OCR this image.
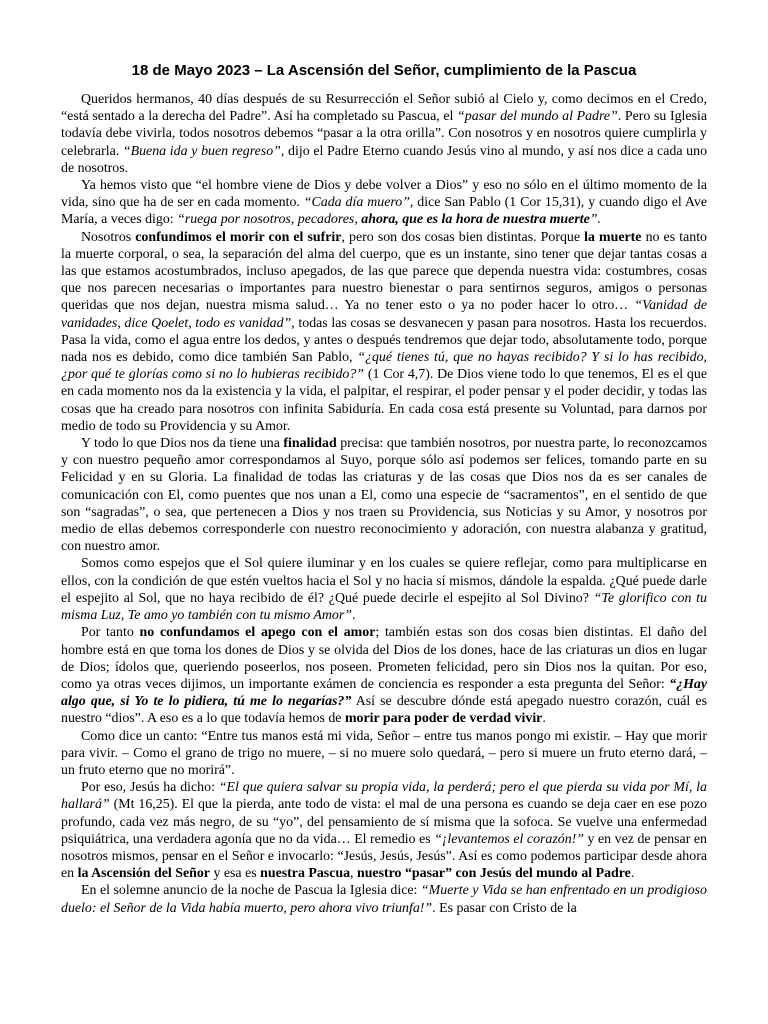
18 de Mayo 2023 – La Ascensión del Señor, cumplimiento de la Pascua

Queridos hermanos, 40 días después de su Resurrección el Señor subió al Cielo y, como decimos en el Credo, “está sentado a la derecha del Padre”. Así ha completado su Pascua, el “pasar del mundo al Padre”. Pero su Iglesia todavía debe vivirla, todos nosotros debemos “pasar a la otra orilla”. Con nosotros y en nosotros quiere cumplirla y celebrarla. “Buena ida y buen regreso”, dijo el Padre Eterno cuando Jesús vino al mundo, y así nos dice a cada uno de nosotros.

Ya hemos visto que “el hombre viene de Dios y debe volver a Dios” y eso no sólo en el último momento de la vida, sino que ha de ser en cada momento. “Cada día muero”, dice San Pablo (1 Cor 15,31), y cuando digo el Ave María, a veces digo: “ruega por nosotros, pecadores, ahora, que es la hora de nuestra muerte”.

Nosotros confundimos el morir con el sufrir, pero son dos cosas bien distintas. Porque la muerte no es tanto la muerte corporal, o sea, la separación del alma del cuerpo, que es un instante, sino tener que dejar tantas cosas a las que estamos acostumbrados, incluso apegados, de las que parece que dependa nuestra vida: costumbres, cosas que nos parecen necesarias o importantes para nuestro bienestar o para sentirnos seguros, amigos o personas queridas que nos dejan, nuestra misma salud… Ya no tener esto o ya no poder hacer lo otro… “Vanidad de vanidades, dice Qoelet, todo es vanidad”, todas las cosas se desvanecen y pasan para nosotros. Hasta los recuerdos. Pasa la vida, como el agua entre los dedos, y antes o después tendremos que dejar todo, absolutamente todo, porque nada nos es debido, como dice también San Pablo, “¿qué tienes tú, que no hayas recibido? Y si lo has recibido, ¿por qué te glorías como si no lo hubieras recibido?” (1 Cor 4,7). De Dios viene todo lo que tenemos, El es el que en cada momento nos da la existencia y la vida, el palpitar, el respirar, el poder pensar y el poder decidir, y todas las cosas que ha creado para nosotros con infinita Sabiduría. En cada cosa está presente su Voluntad, para darnos por medio de todo su Providencia y su Amor.

Y todo lo que Dios nos da tiene una finalidad precisa: que también nosotros, por nuestra parte, lo reconozcamos y con nuestro pequeño amor correspondamos al Suyo, porque sólo así podemos ser felices, tomando parte en su Felicidad y en su Gloria. La finalidad de todas las criaturas y de las cosas que Dios nos da es ser canales de comunicación con El, como puentes que nos unan a El, como una especie de “sacramentos”, en el sentido de que son “sagradas”, o sea, que pertenecen a Dios y nos traen su Providencia, sus Noticias y su Amor, y nosotros por medio de ellas debemos corresponderle con nuestro reconocimiento y adoración, con nuestra alabanza y gratitud, con nuestro amor.

Somos como espejos que el Sol quiere iluminar y en los cuales se quiere reflejar, como para multiplicarse en ellos, con la condición de que estén vueltos hacia el Sol y no hacia sí mismos, dándole la espalda. ¿Qué puede darle el espejito al Sol, que no haya recibido de él? ¿Qué puede decirle el espejito al Sol Divino? “Te glorifico con tu misma Luz, Te amo yo también con tu mismo Amor”.

Por tanto no confundamos el apego con el amor; también estas son dos cosas bien distintas. El daño del hombre está en que toma los dones de Dios y se olvida del Dios de los dones, hace de las criaturas un dios en lugar de Dios; ídolos que, queriendo poseerlos, nos poseen. Prometen felicidad, pero sin Dios nos la quitan. Por eso, como ya otras veces dijimos, un importante exámen de conciencia es responder a esta pregunta del Señor: “¿Hay algo que, si Yo te lo pidiera, tú me lo negarías?” Así se descubre dónde está apegado nuestro corazón, cuál es nuestro “dios”. A eso es a lo que todavía hemos de morir para poder de verdad vivir.

Como dice un canto: “Entre tus manos está mi vida, Señor – entre tus manos pongo mi existir. – Hay que morir para vivir. – Como el grano de trigo no muere, – si no muere solo quedará, – pero si muere un fruto eterno dará, – un fruto eterno que no morirá”.

Por eso, Jesús ha dicho: “El que quiera salvar su propia vida, la perderá; pero el que pierda su vida por Mí, la hallará” (Mt 16,25). El que la pierda, ante todo de vista: el mal de una persona es cuando se deja caer en ese pozo profundo, cada vez más negro, de su “yo”, del pensamiento de sí misma que la sofoca. Se vuelve una enfermedad psiquiátrica, una verdadera agonía que no da vida… El remedio es “¡levantemos el corazón!” y en vez de pensar en nosotros mismos, pensar en el Señor e invocarlo: “Jesús, Jesús, Jesús”. Así es como podemos participar desde ahora en la Ascensión del Señor y esa es nuestra Pascua, nuestro “pasar” con Jesús del mundo al Padre.

En el solemne anuncio de la noche de Pascua la Iglesia dice: “Muerte y Vida se han enfrentado en un prodigioso duelo: el Señor de la Vida había muerto, pero ahora vivo triunfa!”. Es pasar con Cristo de la
